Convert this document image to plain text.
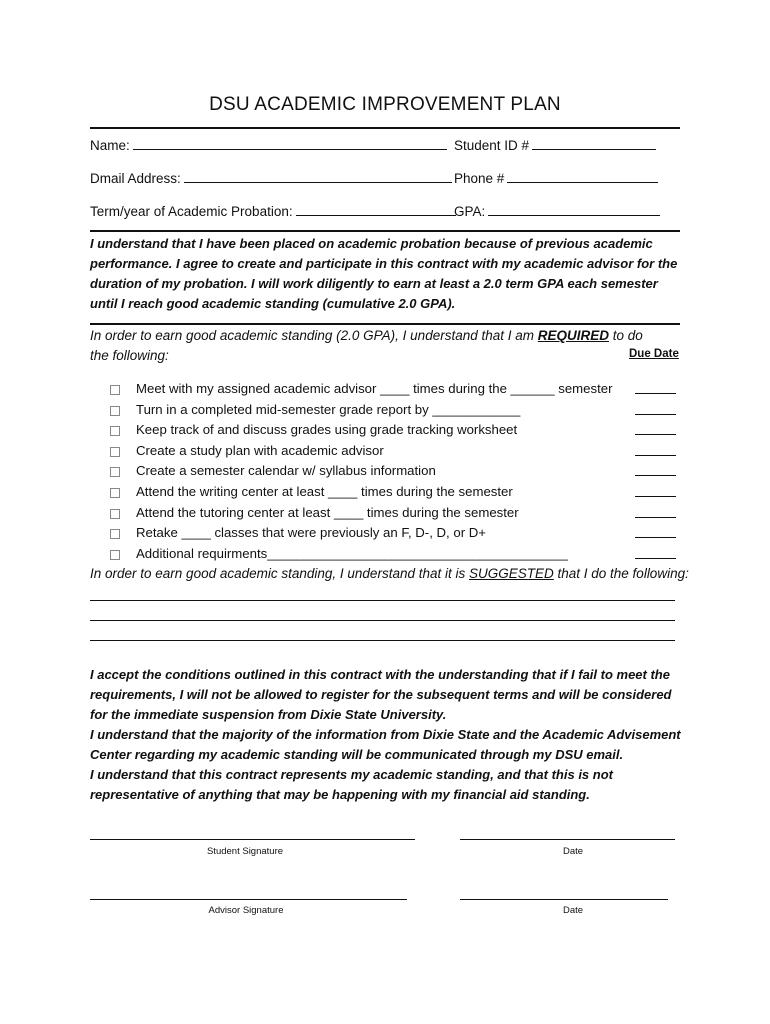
DSU ACADEMIC IMPROVEMENT PLAN
Name:	Student ID #
Dmail Address:	Phone #
Term/year of Academic Probation:	GPA:
I understand that I have been placed on academic probation because of previous academic performance. I agree to create and participate in this contract with my academic advisor for the duration of my probation. I will work diligently to earn at least a 2.0 term GPA each semester until I reach good academic standing (cumulative 2.0 GPA).
In order to earn good academic standing (2.0 GPA), I understand that I am REQUIRED to do the following:	Due Date
Meet with my assigned academic advisor ____ times during the ______ semester
Turn in a completed mid-semester grade report by ____________
Keep track of and discuss grades using grade tracking worksheet
Create a study plan with academic advisor
Create a semester calendar w/ syllabus information
Attend the writing center at least ____ times during the semester
Attend the tutoring center at least ____ times during the semester
Retake ____ classes that were previously an F, D-, D, or D+
Additional requirments_________________________________________
In order to earn good academic standing, I understand that it is SUGGESTED that I do the following:
I accept the conditions outlined in this contract with the understanding that if I fail to meet the requirements, I will not be allowed to register for the subsequent terms and will be considered for the immediate suspension from Dixie State University.
I understand that the majority of the information from Dixie State and the Academic Advisement Center regarding my academic standing will be communicated through my DSU email.
I understand that this contract represents my academic standing, and that this is not representative of anything that may be happening with my financial aid standing.
Student Signature	Date
Advisor Signature	Date
